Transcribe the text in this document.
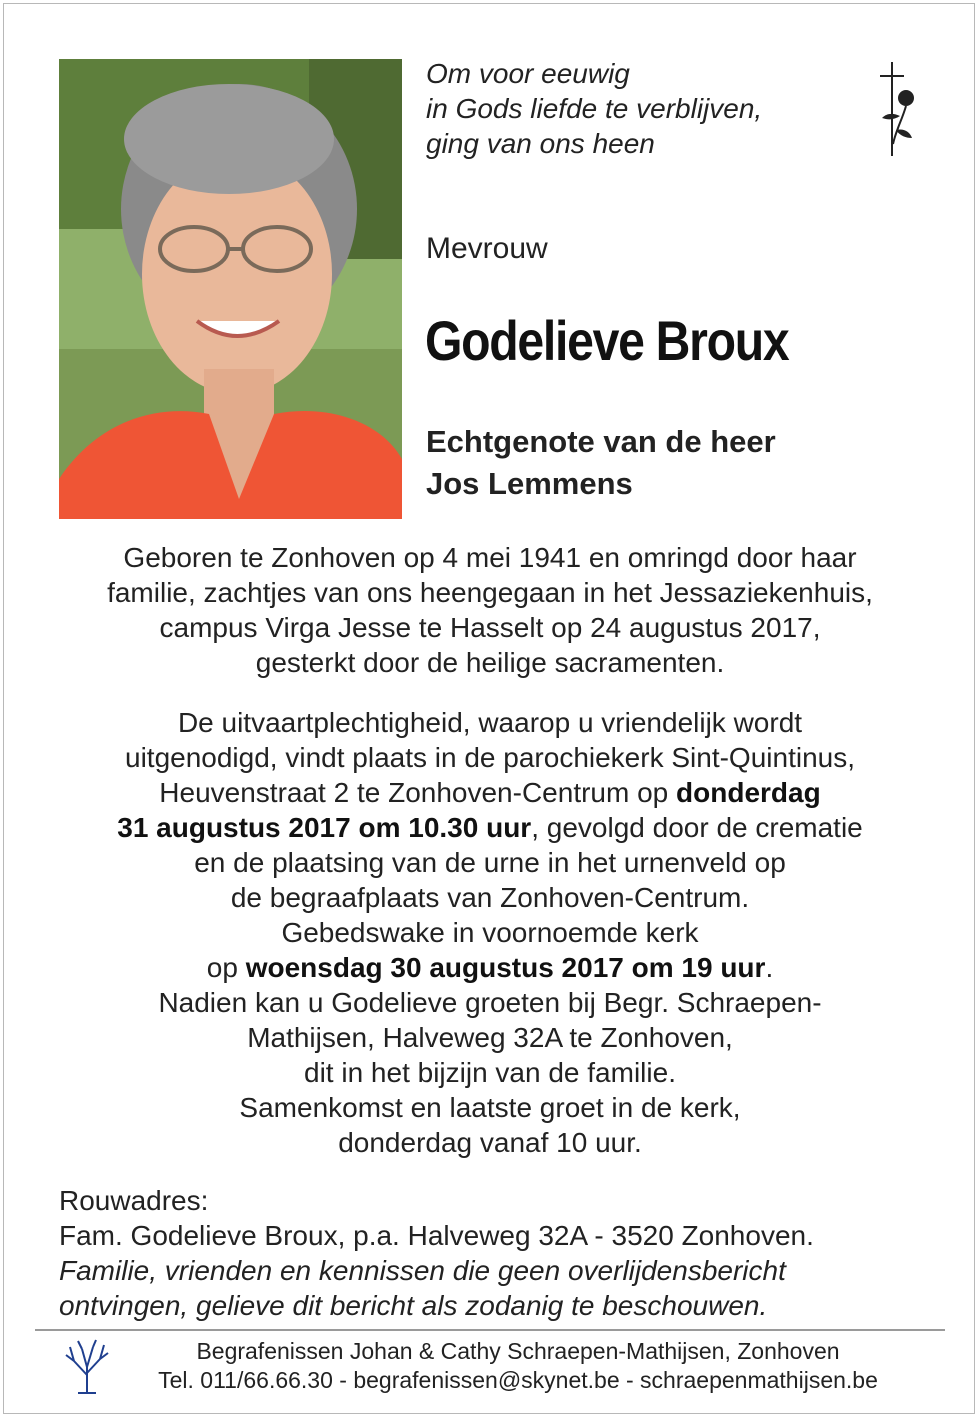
Om voor eeuwig
in Gods liefde te verblijven,
ging van ons heen
Mevrouw
Godelieve Broux
Echtgenote van de heer
Jos Lemmens
Geboren te Zonhoven op 4 mei 1941 en omringd door haar
familie, zachtjes van ons heengegaan in het Jessaziekenhuis,
campus Virga Jesse te Hasselt op 24 augustus 2017,
gesterkt door de heilige sacramenten.
De uitvaartplechtigheid, waarop u vriendelijk wordt
uitgenodigd, vindt plaats in de parochiekerk Sint-Quintinus,
Heuvenstraat 2 te Zonhoven-Centrum op donderdag
31 augustus 2017 om 10.30 uur, gevolgd door de crematie
en de plaatsing van de urne in het urnenveld op
de begraafplaats van Zonhoven-Centrum.
Gebedswake in voornoemde kerk
op woensdag 30 augustus 2017 om 19 uur.
Nadien kan u Godelieve groeten bij Begr. Schraepen-
Mathijsen, Halveweg 32A te Zonhoven,
dit in het bijzijn van de familie.
Samenkomst en laatste groet in de kerk,
donderdag vanaf 10 uur.
Rouwadres:
Fam. Godelieve Broux, p.a. Halveweg 32A - 3520 Zonhoven.
Familie, vrienden en kennissen die geen overlijdensbericht
ontvingen, gelieve dit bericht als zodanig te beschouwen.
Begrafenissen Johan & Cathy Schraepen-Mathijsen, Zonhoven
Tel. 011/66.66.30 - begrafenissen@skynet.be - schraepenmathijsen.be
